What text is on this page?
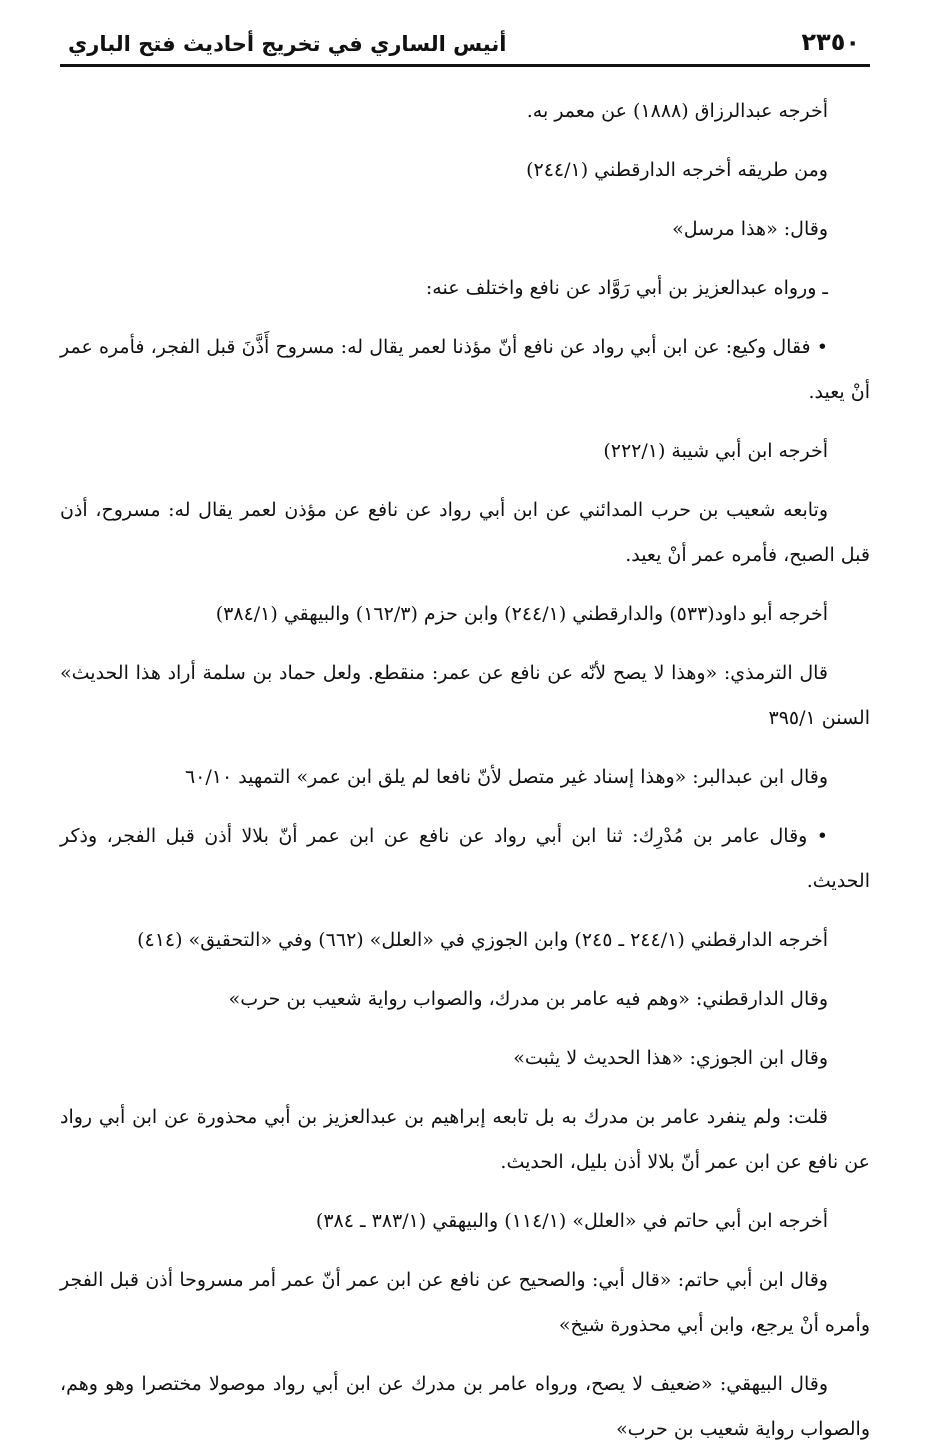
٢٣٥٠
أنيس الساري في تخريج أحاديث فتح الباري

أخرجه عبدالرزاق (١٨٨٨) عن معمر به.

ومن طريقه أخرجه الدارقطني (٢٤٤/١)

وقال: «هذا مرسل»

ـ ورواه عبدالعزيز بن أبي رَوَّاد عن نافع واختلف عنه:

• فقال وكيع: عن ابن أبي رواد عن نافع أنّ مؤذنا لعمر يقال له: مسروح أَذَّنَ قبل الفجر، فأمره عمر أنْ يعيد.

أخرجه ابن أبي شيبة (٢٢٢/١)

وتابعه شعيب بن حرب المدائني عن ابن أبي رواد عن نافع عن مؤذن لعمر يقال له: مسروح، أذن قبل الصبح، فأمره عمر أنْ يعيد.

أخرجه أبو داود(٥٣٣) والدارقطني (٢٤٤/١) وابن حزم (١٦٢/٣) والبيهقي (٣٨٤/١)

قال الترمذي: «وهذا لا يصح لأنّه عن نافع عن عمر: منقطع. ولعل حماد بن سلمة أراد هذا الحديث» السنن ٣٩٥/١

وقال ابن عبدالبر: «وهذا إسناد غير متصل لأنّ نافعا لم يلق ابن عمر» التمهيد ٦٠/١٠

• وقال عامر بن مُدْرِك: ثنا ابن أبي رواد عن نافع عن ابن عمر أنّ بلالا أذن قبل الفجر، وذكر الحديث.

أخرجه الدارقطني (٢٤٤/١ ـ ٢٤٥) وابن الجوزي في «العلل» (٦٦٢) وفي «التحقيق» (٤١٤)

وقال الدارقطني: «وهم فيه عامر بن مدرك، والصواب رواية شعيب بن حرب»

وقال ابن الجوزي: «هذا الحديث لا يثبت»

قلت: ولم ينفرد عامر بن مدرك به بل تابعه إبراهيم بن عبدالعزيز بن أبي محذورة عن ابن أبي رواد عن نافع عن ابن عمر أنّ بلالا أذن بليل، الحديث.

أخرجه ابن أبي حاتم في «العلل» (١١٤/١) والبيهقي (٣٨٣/١ ـ ٣٨٤)

وقال ابن أبي حاتم: «قال أبي: والصحيح عن نافع عن ابن عمر أنّ عمر أمر مسروحا أذن قبل الفجر وأمره أنْ يرجع، وابن أبي محذورة شيخ»

وقال البيهقي: «ضعيف لا يصح، ورواه عامر بن مدرك عن ابن أبي رواد موصولا مختصرا وهو وهم، والصواب رواية شعيب بن حرب»
